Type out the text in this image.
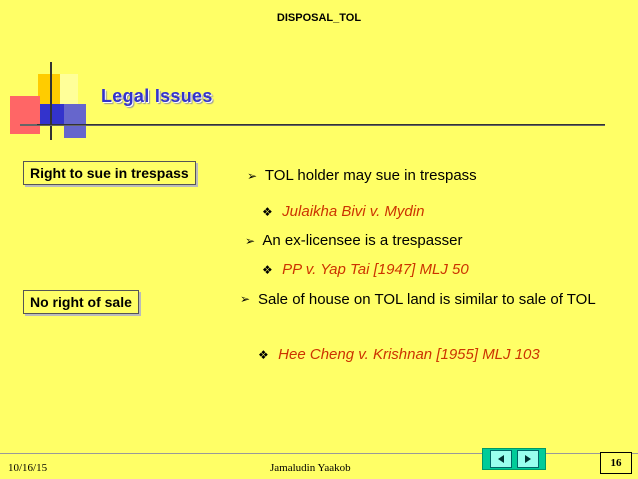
DISPOSAL_TOL
Legal Issues
Right to sue in trespass	➢ TOL holder may sue in trespass
❖ Julaikha Bivi v. Mydin
➢ An ex-licensee is a trespasser
❖ PP v. Yap Tai [1947] MLJ 50
No right of sale	➢ Sale of house on TOL land is similar to sale of TOL
❖ Hee Cheng v. Krishnan [1955] MLJ 103
10/16/15	Jamaludin Yaakob	16
